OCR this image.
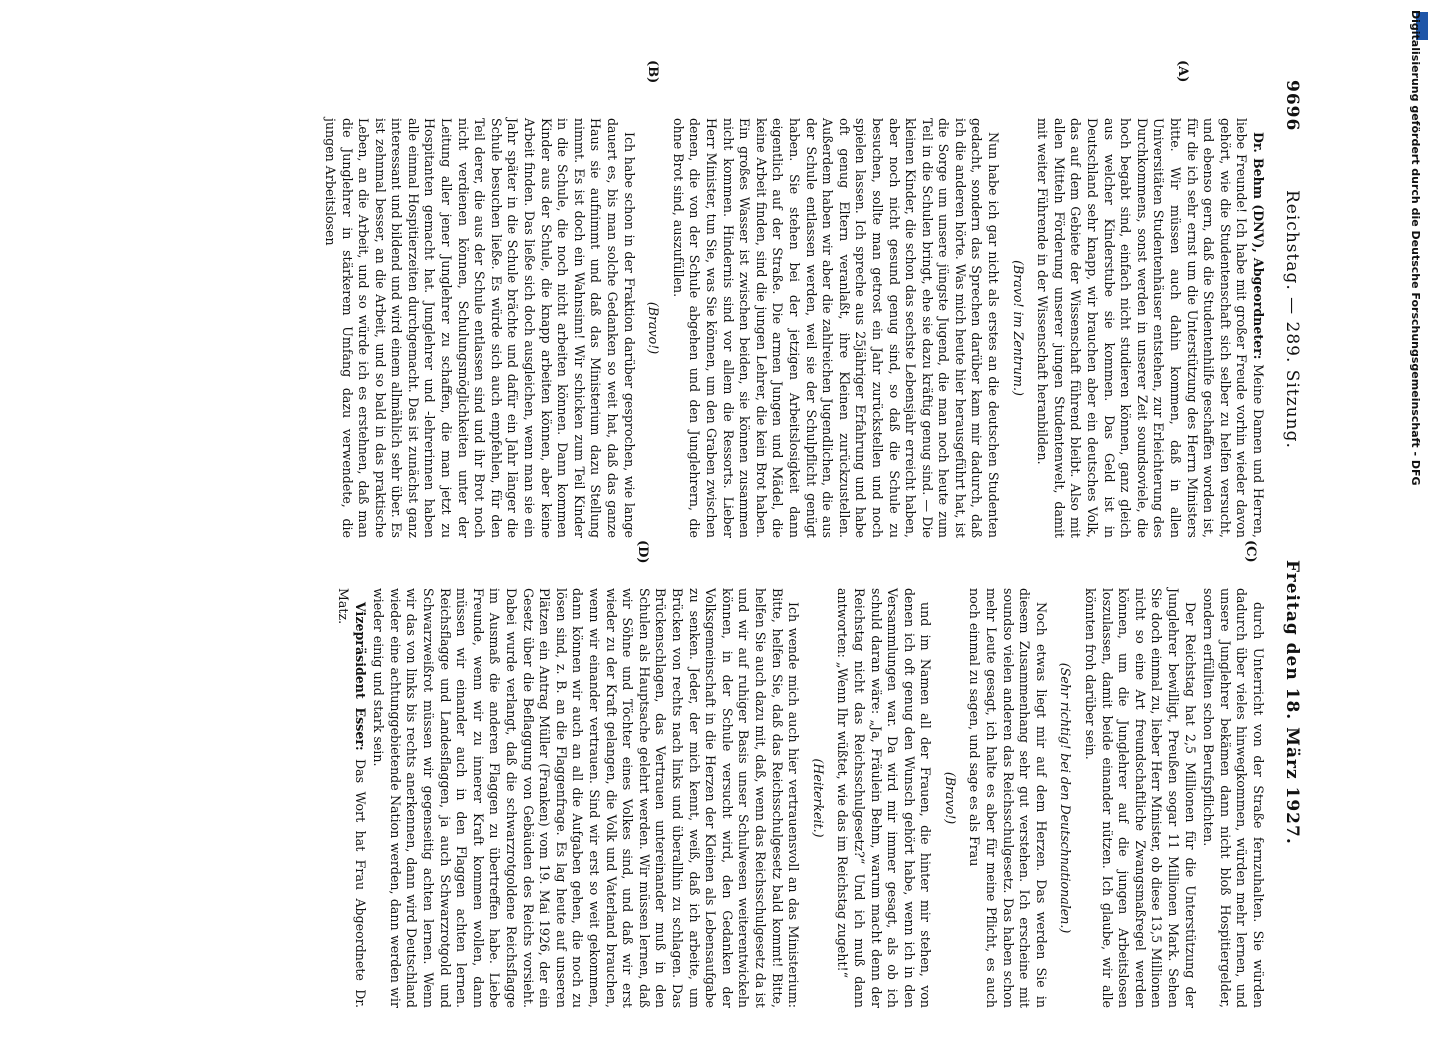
9696
Reichstag. — 289. Sitzung.
Freitag den 18. März 1927.
(A)
(B)
(C)
(D)

Dr. Behm (DNV), Abgeordneter: Meine Damen und Herren, liebe Freunde! Ich habe mit großer Freude vorhin wieder davon gehört, wie die Studentenschaft sich selber zu helfen versucht, und ebenso gern, daß die Studentenhilfe geschaffen worden ist, für die ich sehr ernst um die Unterstützung des Herrn Ministers bitte. Wir müssen auch dahin kommen, daß in allen Universitäten Studentenhäuser entstehen, zur Erleichterung des Durchkommens, sonst werden in unserer Zeit soundsoviele, die hoch begabt sind, einfach nicht studieren können, ganz gleich aus welcher Kinderstube sie kommen. Das Geld ist in Deutschland sehr knapp, wir brauchen aber ein deutsches Volk, das auf dem Gebiete der Wissenschaft führend bleibt. Also mit allen Mitteln Förderung unserer jungen Studentenwelt, damit mit weiter Führende in der Wissenschaft heranbilden.

(Bravo! im Zentrum.)

Nun habe ich gar nicht als erstes an die deutschen Studenten gedacht, sondern das Sprechen darüber kam mir dadurch, daß ich die anderen hörte. Was mich heute hier herausgeführt hat, ist die Sorge um unsere jüngste Jugend, die man noch heute zum Teil in die Schulen bringt, ehe sie dazu kräftig genug sind. — Die kleinen Kinder, die schon das sechste Lebensjahr erreicht haben, aber noch nicht gesund genug sind, so daß die Schule zu besuchen, sollte man getrost ein Jahr zurückstellen und noch spielen lassen. Ich spreche aus 25jähriger Erfahrung und habe oft genug Eltern veranlaßt, ihre Kleinen zurückzustellen. Außerdem haben wir aber die zahlreichen Jugendlichen, die aus der Schule entlassen werden, weil sie der Schulpflicht genügt haben. Sie stehen bei der jetzigen Arbeitslosigkeit dann eigentlich auf der Straße. Die armen Jungen und Mädel, die keine Arbeit finden, sind die jungen Lehrer, die kein Brot haben. Ein großes Wasser ist zwischen beiden, sie können zusammen nicht kommen. Hindernis sind vor allem die Ressorts. Lieber Herr Minister, tun Sie, was Sie können, um den Graben zwischen denen, die von der Schule abgehen und den Junglehrern, die ohne Brot sind, auszufüllen.

(Bravo!)

Ich habe schon in der Fraktion darüber gesprochen, wie lange dauert es, bis man solche Gedanken so weit hat, daß das ganze Haus sie aufnimmt und daß das Ministerium dazu Stellung nimmt. Es ist doch ein Wahnsinn! Wir schicken zum Teil Kinder in die Schule, die noch nicht arbeiten können. Dann kommen Kinder aus der Schule, die knapp arbeiten können, aber keine Arbeit finden. Das ließe sich doch ausgleichen, wenn man sie ein Jahr später in die Schule brächte und dafür ein Jahr länger die Schule besuchen ließe. Es würde sich auch empfehlen, für den Teil derer, die aus der Schule entlassen sind und ihr Brot noch nicht verdienen können, Schulungsmöglichkeiten unter der Leitung aller jener Junglehrer zu schaffen, die man jetzt zu Hospitanten gemacht hat. Junglehrer und -lehrerinnen haben alle einmal Hospitierzeiten durchgemacht. Das ist zunächst ganz interessant und bildend und wird einem allmählich sehr über. Es ist zehnmal besser, an die Arbeit, und so bald in das praktische Leben, an die Arbeit, und so würde ich es erstehnen, daß man die Junglehrer in stärkerem Umfang dazu verwendete, die jungen Arbeitslosen

durch Unterricht von der Straße fernzuhalten. Sie würden dadurch über vieles hinwegkommen, würden mehr lernen, und unsere Junglehrer bekämen dann nicht bloß Hospitiergelder, sondern erfüllten schon Berufspflichten.

Der Reichstag hat 2,5 Millionen für die Unterstützung der Junglehrer bewilligt, Preußen sogar 11 Millionen Mark. Sehen Sie doch einmal zu, lieber Herr Minister, ob diese 13,5 Millionen nicht so eine Art freundschaftliche Zwangsmaßregel werden können, um die Junglehrer auf die jungen Arbeitslosen loszulassen, damit beide einander nützen. Ich glaube, wir alle könnten froh darüber sein.

(Sehr richtig! bei den Deutschnationalen.)

Noch etwas liegt mir auf dem Herzen. Das werden Sie in diesem Zusammenhang sehr gut verstehen. Ich erscheine mit soundso vielen anderen das Reichsschulgesetz. Das haben schon mehr Leute gesagt, ich halte es aber für meine Pflicht, es auch noch einmal zu sagen, und sage es als Frau

(Bravo!)

und im Namen all der Frauen, die hinter mir stehen, von denen ich oft genug den Wunsch gehört habe, wenn ich in den Versammlungen war. Da wird mir immer gesagt, als ob ich schuld daran wäre: „Ja, Fräulein Behm, warum macht denn der Reichstag nicht das Reichsschulgesetz?“ Und ich muß dann antworten: „Wenn Ihr wüßtet, wie das im Reichstag zugeht!“

(Heiterkeit.)

Ich wende mich auch hier vertrauensvoll an das Ministerium: Bitte, helfen Sie, daß das Reichsschulgesetz bald kommt! Bitte, helfen Sie auch dazu mit, daß, wenn das Reichsschulgesetz da ist und wir auf ruhiger Basis unser Schulwesen weiterentwickeln können, in der Schule versucht wird, den Gedanken der Volksgemeinschaft in die Herzen der Kleinen als Lebensaufgabe zu senken. Jeder, der mich kennt, weiß, daß ich arbeite, um Brücken von rechts nach links und überallhin zu schlagen. Das Brückenschlagen, das Vertrauen untereinander muß in den Schulen als Hauptsache gelehrt werden. Wir müssen lernen, daß wir Söhne und Töchter eines Volkes sind, und daß wir erst wieder zu der Kraft gelangen, die Volk und Vaterland brauchen, wenn wir einander vertrauen. Sind wir erst so weit gekommen, dann können wir auch an all die Aufgaben gehen, die noch zu lösen sind, z. B. an die Flaggenfrage. Es lag heute auf unseren Plätzen ein Antrag Müller (Franken) vom 19. Mai 1926, der ein Gesetz über die Beflaggung von Gebäuden des Reichs vorsieht. Dabei wurde verlangt, daß die schwarzrotgoldene Reichsflagge im Ausmaß die anderen Flaggen zu übertreffen habe. Liebe Freunde, wenn wir zu innerer Kraft kommen wollen, dann müssen wir einander auch in den Flaggen achten lernen. Reichsflagge und Landesflaggen, ja auch Schwarzrotgold und Schwarzweißrot müssen wir gegenseitig achten lernen. Wenn wir das von links bis rechts anerkennen, dann wird Deutschland wieder eine achtunggebietende Nation werden, dann werden wir wieder einig und stark sein.

Vizepräsident Esser: Das Wort hat Frau Abgeordnete Dr. Matz.

Digitalisierung gefördert durch die Deutsche Forschungsgemeinschaft - DFG
